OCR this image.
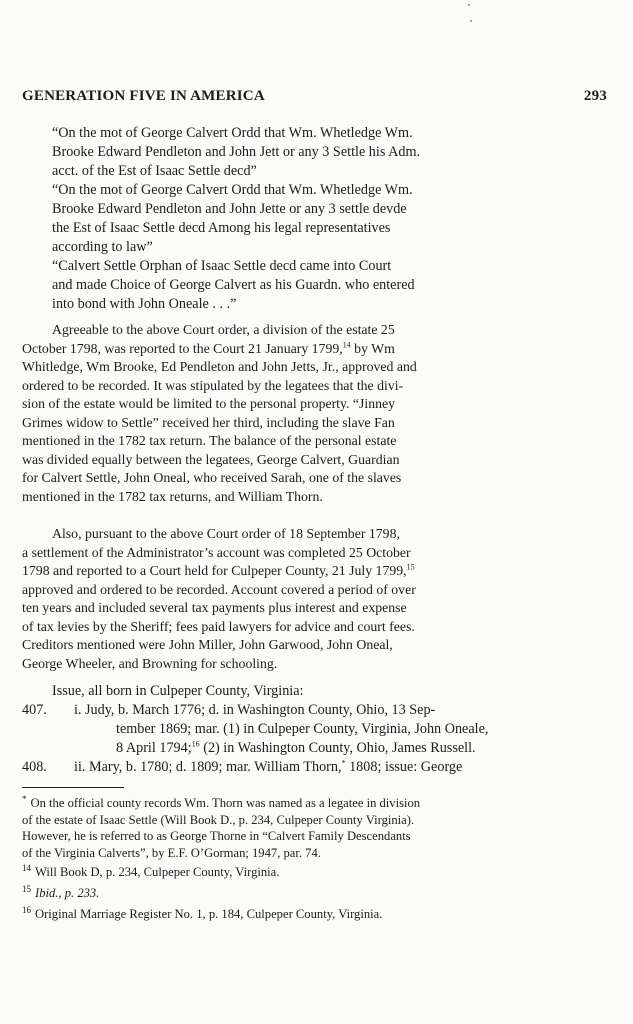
GENERATION FIVE IN AMERICA	293
“On the mot of George Calvert Ordd that Wm. Whetledge Wm.
Brooke Edward Pendleton and John Jett or any 3 Settle his Adm.
acct. of the Est of Isaac Settle decd”
“On the mot of George Calvert Ordd that Wm. Whetledge Wm.
Brooke Edward Pendleton and John Jette or any 3 settle devde
the Est of Isaac Settle decd Among his legal representatives
according to law”
“Calvert Settle Orphan of Isaac Settle decd came into Court
and made Choice of George Calvert as his Guardn. who entered
into bond with John Oneale . . .”
Agreeable to the above Court order, a division of the estate 25
October 1798, was reported to the Court 21 January 1799,14 by Wm
Whitledge, Wm Brooke, Ed Pendleton and John Jetts, Jr., approved and
ordered to be recorded. It was stipulated by the legatees that the divi-
sion of the estate would be limited to the personal property. “Jinney
Grimes widow to Settle” received her third, including the slave Fan
mentioned in the 1782 tax return. The balance of the personal estate
was divided equally between the legatees, George Calvert, Guardian
for Calvert Settle, John Oneal, who received Sarah, one of the slaves
mentioned in the 1782 tax returns, and William Thorn.
Also, pursuant to the above Court order of 18 September 1798,
a settlement of the Administrator’s account was completed 25 October
1798 and reported to a Court held for Culpeper County, 21 July 1799,15
approved and ordered to be recorded. Account covered a period of over
ten years and included several tax payments plus interest and expense
of tax levies by the Sheriff; fees paid lawyers for advice and court fees.
Creditors mentioned were John Miller, John Garwood, John Oneal,
George Wheeler, and Browning for schooling.
Issue, all born in Culpeper County, Virginia:
407. i. Judy, b. March 1776; d. in Washington County, Ohio, 13 Sep-
tember 1869; mar. (1) in Culpeper County, Virginia, John Oneale,
8 April 1794;$^{16}$ (2) in Washington County, Ohio, James Russell.
408. ii. Mary, b. 1780; d. 1809; mar. William Thorn,* 1808; issue: George
* On the official county records Wm. Thorn was named as a legatee in division
of the estate of Isaac Settle (Will Book D., p. 234, Culpeper County Virginia).
However, he is referred to as George Thorne in “Calvert Family Descendants
of the Virginia Calverts”, by E.F. O’Gorman; 1947, par. 74.
$^{14}$ Will Book D, p. 234, Culpeper County, Virginia.
$^{15}$ Ibid., p. 233.
$^{16}$ Original Marriage Register No. 1, p. 184, Culpeper County, Virginia.
